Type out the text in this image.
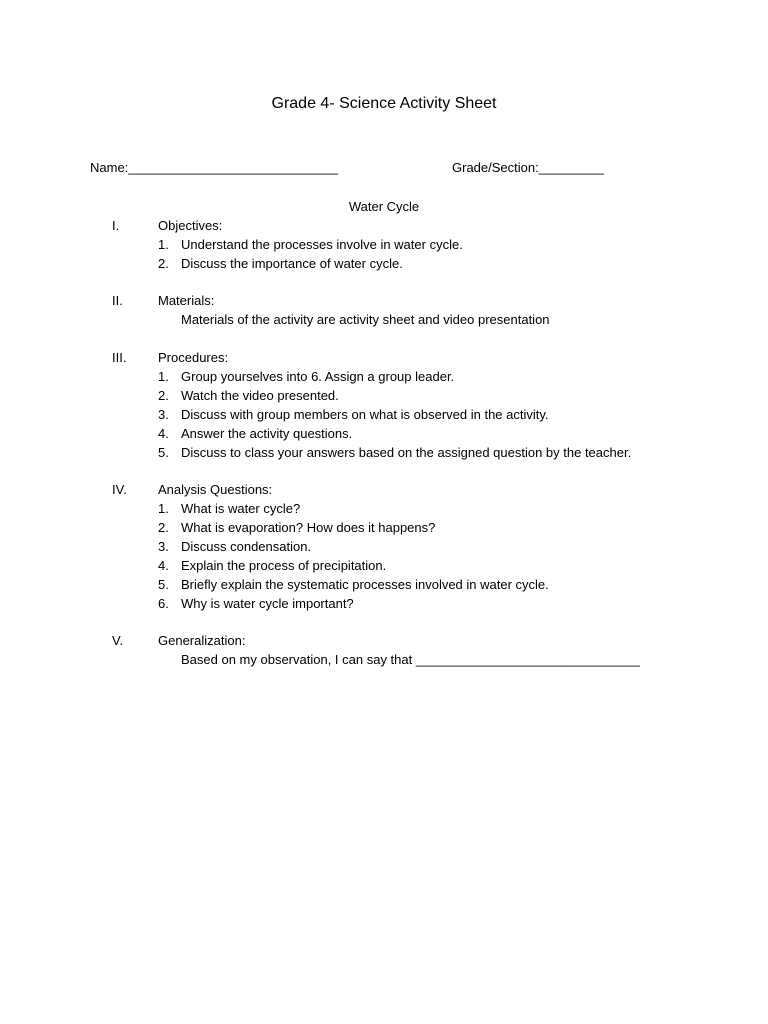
Grade 4- Science Activity Sheet
Name:_____________________________	Grade/Section:_________
Water Cycle
I.	Objectives:
1. Understand the processes involve in water cycle.
2. Discuss the importance of water cycle.
II.	Materials:
Materials of the activity are activity sheet and video presentation
III. Procedures:
1. Group yourselves into 6. Assign a group leader.
2. Watch the video presented.
3. Discuss with group members on what is observed in the activity.
4. Answer the activity questions.
5. Discuss to class your answers based on the assigned question by the teacher.
IV. Analysis Questions:
1. What is water cycle?
2. What is evaporation? How does it happens?
3. Discuss condensation.
4. Explain the process of precipitation.
5. Briefly explain the systematic processes involved in water cycle.
6. Why is water cycle important?
V.	Generalization:
Based on my observation, I can say that _______________________________
